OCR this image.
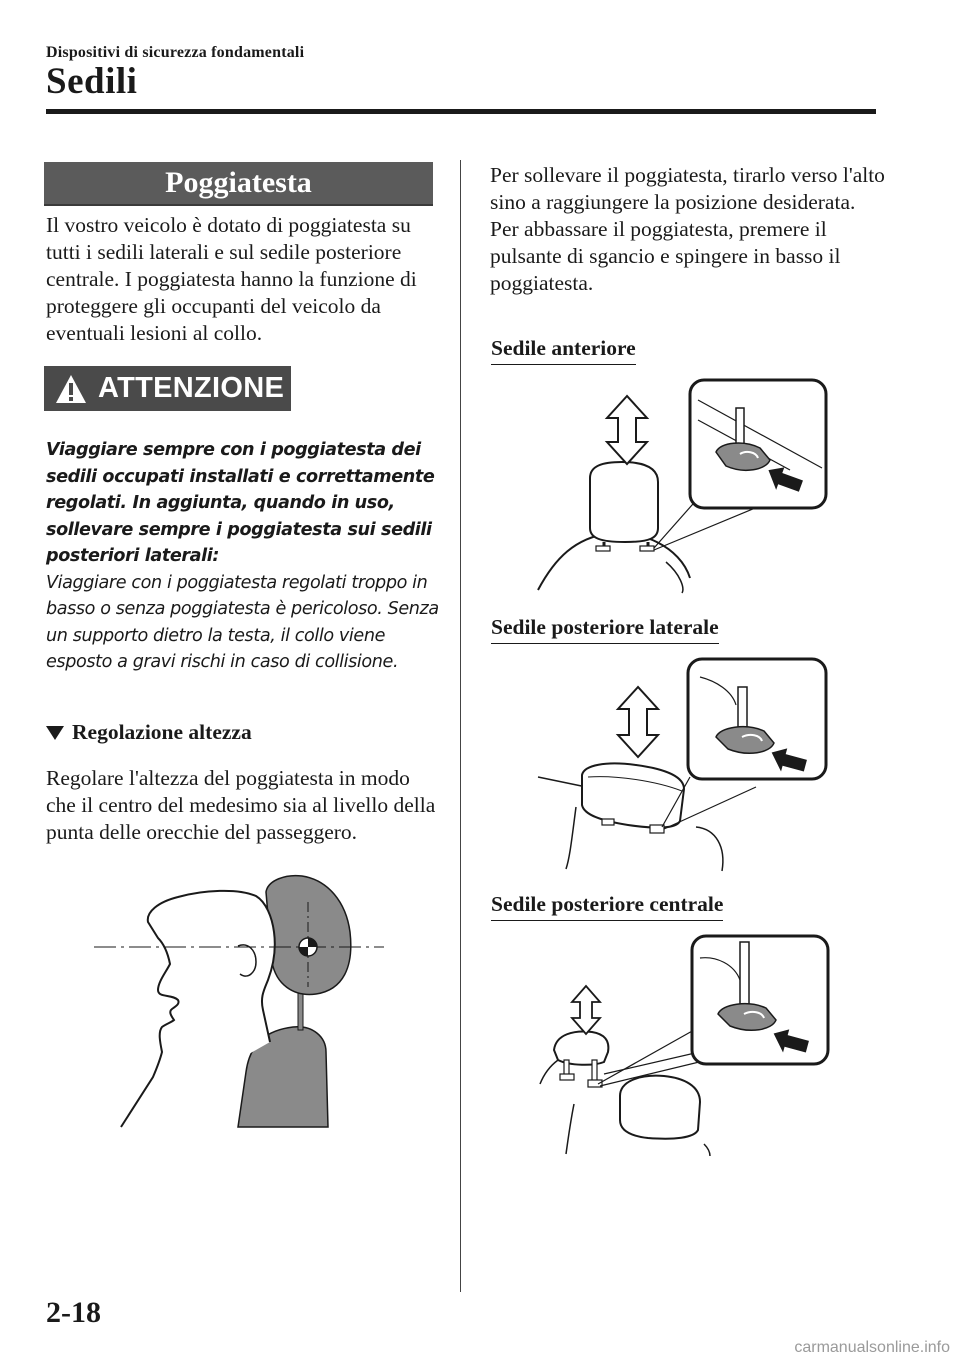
Dispositivi di sicurezza fondamentali
Sedili
Poggiatesta
Il vostro veicolo è dotato di poggiatesta su tutti i sedili laterali e sul sedile posteriore centrale. I poggiatesta hanno la funzione di proteggere gli occupanti del veicolo da eventuali lesioni al collo.
ATTENZIONE
Viaggiare sempre con i poggiatesta dei sedili occupati installati e correttamente regolati. In aggiunta, quando in uso, sollevare sempre i poggiatesta sui sedili posteriori laterali:
Viaggiare con i poggiatesta regolati troppo in basso o senza poggiatesta è pericoloso. Senza un supporto dietro la testa, il collo viene esposto a gravi rischi in caso di collisione.
Regolazione altezza
Regolare l'altezza del poggiatesta in modo che il centro del medesimo sia al livello della punta delle orecchie del passeggero.
Per sollevare il poggiatesta, tirarlo verso l'alto sino a raggiungere la posizione desiderata.
Per abbassare il poggiatesta, premere il pulsante di sgancio e spingere in basso il poggiatesta.
Sedile anteriore
Sedile posteriore laterale
Sedile posteriore centrale
2-18
carmanualsonline.info
